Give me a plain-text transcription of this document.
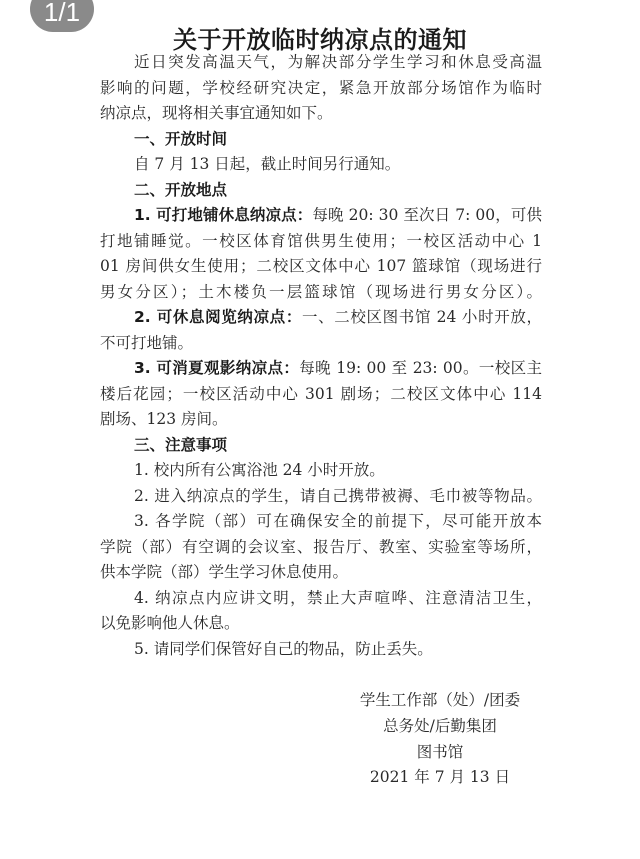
1/1
关于开放临时纳凉点的通知
近日突发高温天气，为解决部分学生学习和休息受高温
影响的问题，学校经研究决定，紧急开放部分场馆作为临时
纳凉点，现将相关事宜通知如下。
一、开放时间
自 7 月 13 日起，截止时间另行通知。
二、开放地点
1. 可打地铺休息纳凉点：每晚 20: 30 至次日 7: 00，可供
打地铺睡觉。一校区体育馆供男生使用；一校区活动中心 1
01 房间供女生使用；二校区文体中心 107 篮球馆（现场进行
男女分区）；土木楼负一层篮球馆（现场进行男女分区）。
2. 可休息阅览纳凉点：一、二校区图书馆 24 小时开放，
不可打地铺。
3. 可消夏观影纳凉点：每晚 19: 00 至 23: 00。一校区主
楼后花园；一校区活动中心 301 剧场；二校区文体中心 114
剧场、123 房间。
三、注意事项
1. 校内所有公寓浴池 24 小时开放。
2. 进入纳凉点的学生，请自己携带被褥、毛巾被等物品。
3. 各学院（部）可在确保安全的前提下，尽可能开放本
学院（部）有空调的会议室、报告厅、教室、实验室等场所，
供本学院（部）学生学习休息使用。
4. 纳凉点内应讲文明，禁止大声喧哗、注意清洁卫生，
以免影响他人休息。
5. 请同学们保管好自己的物品，防止丢失。
学生工作部（处）/团委
总务处/后勤集团
图书馆
2021 年 7 月 13 日
